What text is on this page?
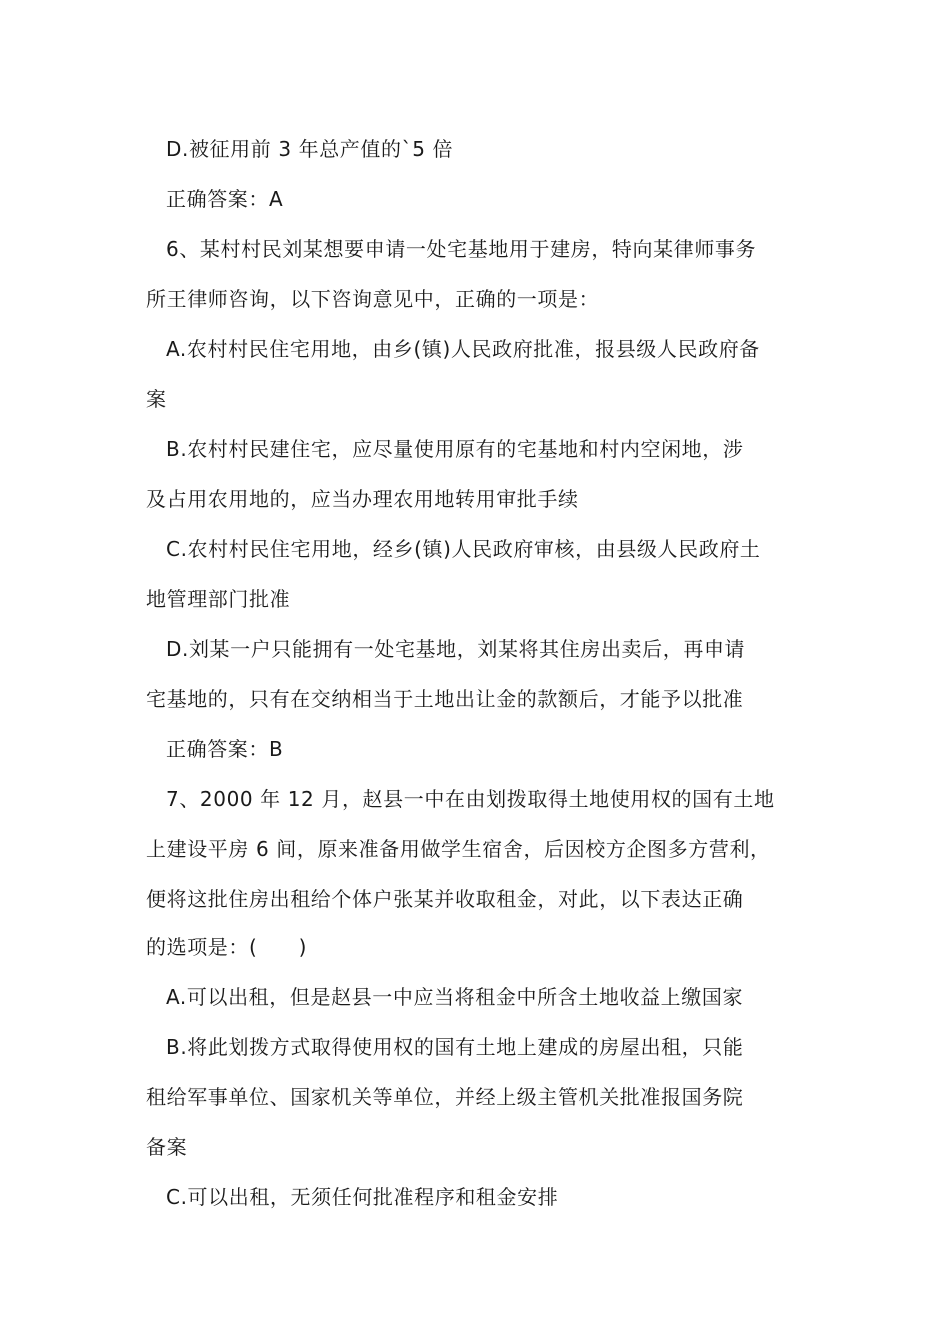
D.被征用前 3 年总产值的`5 倍
正确答案：A
6、某村村民刘某想要申请一处宅基地用于建房，特向某律师事务
所王律师咨询，以下咨询意见中，正确的一项是：
A.农村村民住宅用地，由乡(镇)人民政府批准，报县级人民政府备
案
B.农村村民建住宅，应尽量使用原有的宅基地和村内空闲地，涉
及占用农用地的，应当办理农用地转用审批手续
C.农村村民住宅用地，经乡(镇)人民政府审核，由县级人民政府土
地管理部门批准
D.刘某一户只能拥有一处宅基地，刘某将其住房出卖后，再申请
宅基地的，只有在交纳相当于土地出让金的款额后，才能予以批准
正确答案：B
7、2000 年 12 月，赵县一中在由划拨取得土地使用权的国有土地
上建设平房 6 间，原来准备用做学生宿舍，后因校方企图多方营利，
便将这批住房出租给个体户张某并收取租金，对此，以下表达正确
的选项是：(　　)
A.可以出租，但是赵县一中应当将租金中所含土地收益上缴国家
B.将此划拨方式取得使用权的国有土地上建成的房屋出租，只能
租给军事单位、国家机关等单位，并经上级主管机关批准报国务院
备案
C.可以出租，无须任何批准程序和租金安排
